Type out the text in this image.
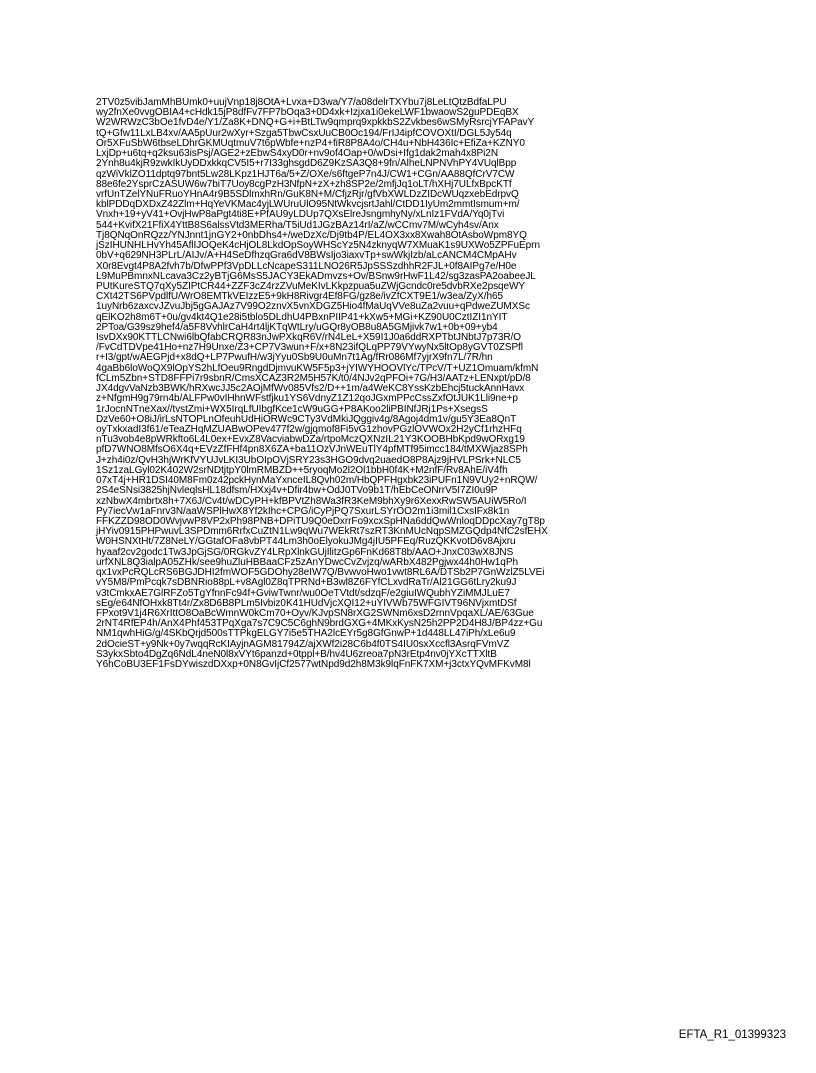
2TV0z5vibJamMhBUmk0+uujVnp18j8OtA+Lvxa+D3wa/Y7/a08delrTXYbu7j8LeLtQtzBdfaLPU
wy2fnXe0vvgOBIA4+cHdk15jP8dfFv7FP7bOqa3+0D4xk+Izjxa1i0ekeLWF1bwaowS2guPDEqBX
W2WRWzC3bOe1fvD4e/Y1/Za8K+DNQ+G+i+BtLTw9qmprq9xpkkbS2Zvkbes6wSMyRsrcjYFAPavY
tQ+Gfw11LxLB4xv/AA5pUur2wXyr+Szga5TbwCsxUuCB0Oc194/FrIJ4ipfCOVOXtI/DGL5Jy54q
Or5XFuSbW6tbseLDhrGKMUqtmuV7t6pWbfe+nzP4+fiR8P8A4o/CH4u+NbH436Ic+EfiZa+KZNY0
LxjDp+u6tq+q2ksu63isPsj/AGE2+zEbwS4xyD0r+nv9of4Oap+0/wDsi+Ifg1dak2mah4x8Pi2N
2Ynh8u4kjR9zwkIkUyDDxkkqCV5I5+r7I33ghsgdD6Z9KzSA3Q8+9fn/AlheLNPNVhPY4VUqlBpp
qzWiVklZO11dptq97bnt5Lw28LKpz1HJT6a/5+Z/OXe/s6ftgeP7n4J/CW1+CGn/AA88QfCrV7CW
88e6fe2YsprCzASUW6w7biT7Uoy8cgPzH3NfpN+zX+zh8SP2e/2mfjJq1oLT/hXHj7ULfxBpcKTf
vrfUnTZelYNuFRuoYHnA4r9B5SDlmxhRn/GuK8N+M/CfjzRjr/gfVbXWLDzZIDcWUqzxebEdrpvQ
kblPDDqDXDxZ42Zlm+HqYeVKMac4yjLWUruUlO95NtWkvcjsrtJahl/CtDD1IyUm2mmtIsmum+m/
Vnxh+19+yV41+OvjHwP8aPgt4ti8E+PfAU9yLDUp7QXsElreJsngmhyNy/xLnIz1FVdA/Yq0jTvi
544+KvifX21FfiX4YttB8S6alssVtd3MERha/T5iUd1JGzBAz14rI/aZ/wCCmv7M/wCyh4sv/Anx
Tj8QNqOnRQzz/YNJnnt1jnGY2+0nbDhs4+/weDzXc/Dj9tb4P/EL4OX3xx8Xwah8OtAsboWpm8YQ
jSzIHUNHLHvYh45AflIJOQeK4cHjOL8LkdOpSoyWHScYz5N4zknyqW7XMuaK1s9UXWo5ZPFuEprn
0bV+q629NH3PLrL/AIJv/A+H4SeDfhzqGra6dV8BWsIjo3iaxvTp+swWkjIzb/aLcANCM4CMpAHv
X0r8Evgt4P8A2fvh7b/DfwPPf3VpDLLcNcapeS311LNO26R5JpSSSzdhhR2FJL+0f8AIPg7e/H0e
L9MuPBmnxNLcava3Cz2yBTjG6MsS5JACY3EkADmvzs+Ov/BSnw9rHwF1L42/sg3zasPA2oabeeJL
PUtKureSTQ7qXy5ZIPtCR44+ZZF3cZ4rzZVuMeKIvLKkpzpua5uZWjGcndc0re5dvbRXe2psqeWY
CXt42TS6PVpdlfU/WrO8EMTkVEIzzE5+9kH8Rivgr4Ef8FG/gz8e/ivZfCXT9E1/w3ea/ZyX/h65
1uyNrb6zaxcvJZvuJbj5gGAJAz7V99O2znvX5vnXDGZ5Hio4fMaUqVVe8uZa2vuu+qPdweZUMXSc
qElKO2h8m6T+0u/gv4kt4Q1e28i5tblo5DLdhU4PBxnPIIP41+kXw5+MGi+KZ90U0CztIZI1nYIT
2PToa/G39sz9hef4/a5F8VvhlrCaH4rt4ljKTqWtLry/uGQr8yOB8u8A5GMjivk7w1+0b+09+yb4
IsvDXx90KTTLCNwi6lbQfabCRQR83nJwPXkqR6V/rN4LeL+X59I1J0a6ddRXPTbtJNbtJ7p73R/O
/FvCdTDVpe41Ho+nz7H9Unxe/Z3+CP7V3wun+F/x+8N23ifQLqPP79VYwyNx5ltOp8yGVT0ZSPfl
r+I3/gpt/wAEGPjd+x8dQ+LP7PwufH/w3jYyu0Sb9U0uMn7t1Ag/fRr086Mf7yjrX9fn7L/7R/hn
4gaBb6loWoQX9lOpYS2hLfOeu9RngdDjmvuKW5F5p3+jYIWYHOOVlYc/TPcV/T+UZ1Omuam/kfmN
fCLm5Zbn+STD8FFPi7r9sbnR/CmsXCAZ3R2M5H57K/t0/4NJv2qPFOi+7G/H3/AATz+LENxpt/pD/8
JX4dgvVaNzb3BWK/hRXwcJJ5c2AOjMfWv085Vfs2/D++1m/a4WeKC8YssKzbEhcj5tuckAnnHavx
z+NfgmH9g79rn4b/ALFPw0vIHhnWFstfjku1YS6VdnyZ1Z12qoJGxmPPcCssZxfOtJUK1Lli9ne+p
1rJocnNTneXax//tvstZmi+WX5IrqLfUIbgfKce1cW9uGG+P8AKoo2liPBINfJRj1Ps+XsegsS
DzVe60+O8iJ/irLsNTOPLnOfeuhUdHiORWc9CTy3VdMkiJQggiv4g/8Agoj4dm1v/gu5Y3Ea8QnT
oyTxkxadI3f61/eTeaZHqMZUABwOPev477f2w/gjqmof8Fi5vG1zhovPGzlOVWOx2H2yCf1rhzHFq
nTu3vob4e8pWRkfto6L4L0ex+EvxZ8VacviabwDZa/rtpoMczQXNzIL21Y3KOOBHbKpd9wORxg19
pfD7WNO8MfsO6X4q+EVzZfFHf4pn8X6ZA+ba11OzVJnWEuTlY4pfMTf95imcc184/tMXWjaz8SPh
J+zh4i0z/QvH3hjWrKfVYUJvLKI3UbOIpOVjSRY23s3HGO9dvq2uaedO8P8Ajz9jHVLPSrk+NLC5
1Sz1zaLGyl02K402W2srNDtjtpY0lmRMBZD++5ryoqMo2l2Ol1bbH0f4K+M2nfF/Rv8AhE/iV4fh
07xT4j+HR1DSI40M8Fm0z42pckHynMaYxnceIL8Qvh02m/HbQPFHgxbk23iPUFn1N9VUy2+nRQW/
2S4eSNsi3825hjNvleqlsHL18dfsm/HXxj4v+Dfir4bw+OdJ0TVo9b1T/hEbCeONrrV5I7ZI0u9P
xzNbwX4mbrtx8h+7X6J/Cv4t/wDCyPH+kfBPVtZh8Wa3fR3KeM9bhXy9r6XexxRwSW5AUiW5Ro/I
Py7iecVw1aFnrv3N/aaWSPlHwX8Yf2kIhc+CPG/iCyPjPQ7SxurLSYrOO2m1i3mil1CxsIFx8k1n
FFKZZD98OD0WvjvwP8VP2xPh98PNB+DPiTU9Q0eDxrrFo9xcxSpHNa6ddQwWnloqDDpcXay7gT8p
jHYiv0915PHPwuvL3SPDmm6RrfxCuZtN1Lw9qWu7WEkRt7szRT3KnMUcNqpSMZGQdp4NfC2sfEHX
W0HSNXtHt/7Z8NeLY/GGtafOFa8vbPT44Lm3h0oElyokuJMg4jIU5PFEq/RuzQKKvotD6v8Ajxru
hyaaf2cv2godc1Tw3JpGjSG/0RGkvZY4LRpXlnkGUjIlitzGp6FnKd68T8b/AAO+JnxC03wX8JNS
urfXNL8Q3ialpA05ZHk/see9huZluHBBaaCFz5zAnYDwcCvZvjzq/wARbX482Pgjwx44h0Hw1qPh
qx1vxPcRQLcRS6BGJDHI2fmWOF5GDOhy28eIW7Q/BvwvoHwo1vwt8RL6A/DTSb2P7GnWzlZ5LVEi
vY5M8/PmPcqk7sDBNRio88pL+v8Agl0Z8qTPRNd+B3wl8Z6FYfCLxvdRaTr/Al21GG6tLry2ku9J
v3tCmkxAE7GlRFZo5TgYfnnFc94f+GviwTwnr/wu0OeTVtdt/sdzqF/e2giuIWQubhYZiMMJLuE7
sEg/e64NfOHxk8Tt4r/Zx8D6B8PLm5Ivbiz0K41HUdVjcXQI12+uYIVWb75WFGIVT96NVjxmtDSf
FPxot9V1j4R6XrIttO8OaBcWmnW0kCm70+Oyv/KJvpSN8rXG2SWNm6xsD2rnnVpqaXL/AE/63Gue
2rNT4RfEP4h/AnX4Phf453TPqXga7s7C9C5C6ghN9brdGXG+4MKxKysN25h2PP2D4H8J/BP4zz+Gu
NM1qwhHiG/g/4SKbQrjd500sTTPkgELGY7i5e5THA2lcEYr5g8GfGnwP+1d448LL47iPh/xLe6u9
2dOcieST+y9Nk+0y7wqqRcKIAyjnAGM81794Z/ajXWf2i28C6b4f0TS4IU0sxXccfl3AsrqFVmVZ
S3ykxSbto4DgZq6NdL4neN0l8xVYt6panzd+0tppl+B/hv4U6zreoa7pN3rEtp4nv0jYXcTTXltB
Y6hCoBU3EF1FsDYwiszdDXxp+0N8GvIjCf2577wtNpd9d2h8M3k9lqFnFK7XM+j3ctxYQvMFKvM8l
EFTA_R1_01399323
